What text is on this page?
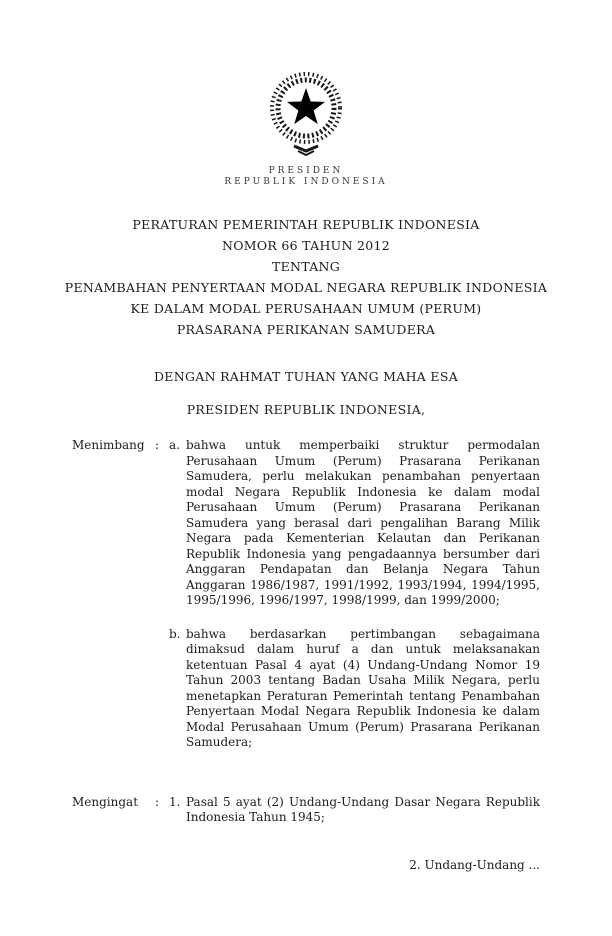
PRESIDEN
REPUBLIK INDONESIA
PERATURAN PEMERINTAH REPUBLIK INDONESIA
NOMOR 66 TAHUN 2012
TENTANG
PENAMBAHAN PENYERTAAN MODAL NEGARA REPUBLIK INDONESIA
KE DALAM MODAL PERUSAHAAN UMUM (PERUM)
PRASARANA PERIKANAN SAMUDERA
DENGAN RAHMAT TUHAN YANG MAHA ESA
PRESIDEN REPUBLIK INDONESIA,
Menimbang : a. bahwa untuk memperbaiki struktur permodalan Perusahaan Umum (Perum) Prasarana Perikanan Samudera, perlu melakukan penambahan penyertaan modal Negara Republik Indonesia ke dalam modal Perusahaan Umum (Perum) Prasarana Perikanan Samudera yang berasal dari pengalihan Barang Milik Negara pada Kementerian Kelautan dan Perikanan Republik Indonesia yang pengadaannya bersumber dari Anggaran Pendapatan dan Belanja Negara Tahun Anggaran 1986/1987, 1991/1992, 1993/1994, 1994/1995, 1995/1996, 1996/1997, 1998/1999, dan 1999/2000;
b. bahwa berdasarkan pertimbangan sebagaimana dimaksud dalam huruf a dan untuk melaksanakan ketentuan Pasal 4 ayat (4) Undang-Undang Nomor 19 Tahun 2003 tentang Badan Usaha Milik Negara, perlu menetapkan Peraturan Pemerintah tentang Penambahan Penyertaan Modal Negara Republik Indonesia ke dalam Modal Perusahaan Umum (Perum) Prasarana Perikanan Samudera;
Mengingat	: 1. Pasal 5 ayat (2) Undang-Undang Dasar Negara Republik Indonesia Tahun 1945;
2. Undang-Undang ...
